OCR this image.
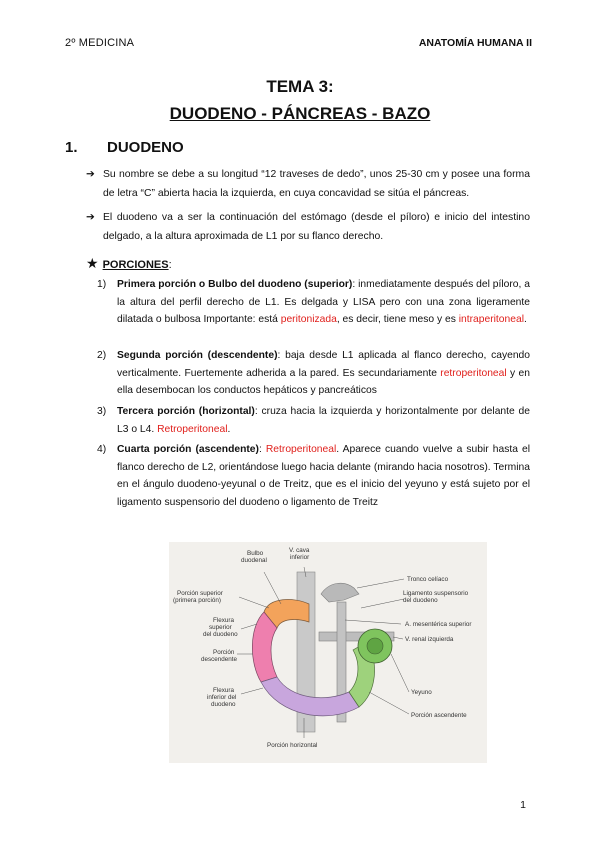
2º MEDICINA	ANATOMÍA HUMANA II
TEMA 3:
DUODENO - PÁNCREAS - BAZO
1. DUODENO
➔ Su nombre se debe a su longitud “12 traveses de dedo”, unos 25-30 cm y posee una forma de letra “C” abierta hacia la izquierda, en cuya concavidad se sitúa el páncreas.
➔ El duodeno va a ser la continuación del estómago (desde el píloro) e inicio del intestino delgado, a la altura aproximada de L1 por su flanco derecho.
★ PORCIONES:
1) Primera porción o Bulbo del duodeno (superior): inmediatamente después del píloro, a la altura del perfil derecho de L1. Es delgada y LISA pero con una zona ligeramente dilatada o bulbosa Importante: está peritonizada, es decir, tiene meso y es intraperitoneal.
2) Segunda porción (descendente): baja desde L1 aplicada al flanco derecho, cayendo verticalmente. Fuertemente adherida a la pared. Es secundariamente retroperitoneal y en ella desembocan los conductos hepáticos y pancreáticos
3) Tercera porción (horizontal): cruza hacia la izquierda y horizontalmente por delante de L3 o L4. Retroperitoneal.
4) Cuarta porción (ascendente): Retroperitoneal. Aparece cuando vuelve a subir hasta el flanco derecho de L2, orientándose luego hacia delante (mirando hacia nosotros). Termina en el ángulo duodeno-yeyunal o de Treitz, que es el inicio del yeyuno y está sujeto por el ligamento suspensorio del duodeno o ligamento de Treitz
Bulbo duodenal
V. cava inferior
Tronco celíaco
Ligamento suspensorio del duodeno
A. mesentérica superior
V. renal izquierda
Yeyuno
Porción ascendente
Porción horizontal
Porción superior (primera porción)
Flexura superior del duodeno
Porción descendente
Flexura inferior del duodeno
1
